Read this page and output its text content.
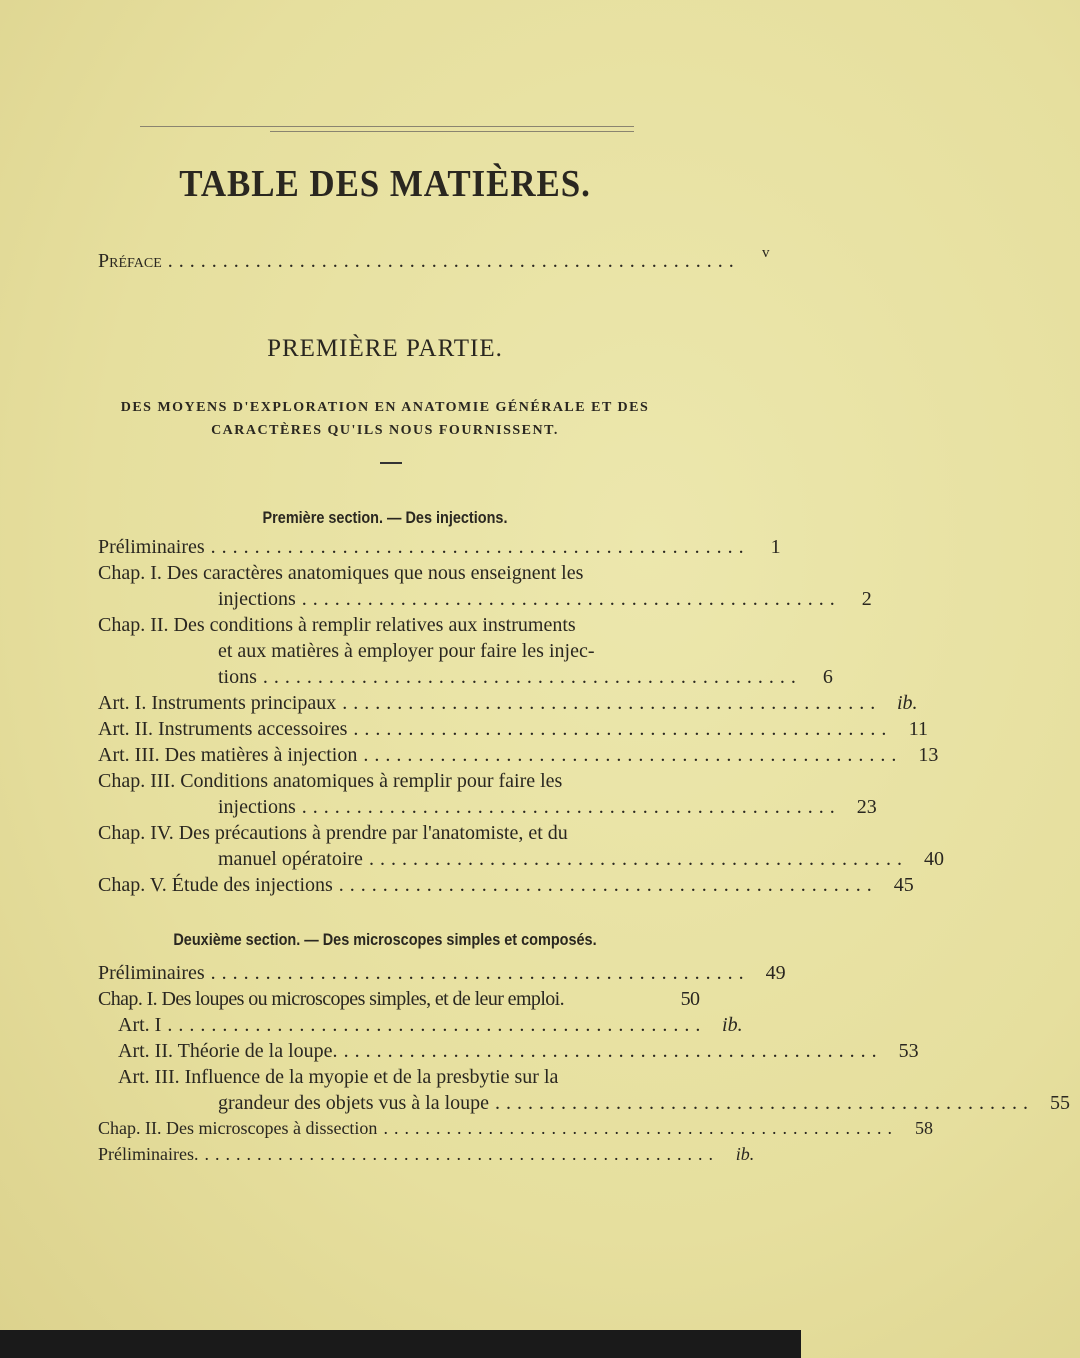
TABLE DES MATIÈRES.
Préface ....................................................	v
PREMIÈRE PARTIE.
DES MOYENS D'EXPLORATION EN ANATOMIE GÉNÉRALE ET DES
CARACTÈRES QU'ILS NOUS FOURNISSENT.
Première section. — Des injections.
Préliminaires .................................................	1
Chap. I. Des caractères anatomiques que nous enseignent les
injections .................................................	2
Chap. II. Des conditions à remplir relatives aux instruments
et aux matières à employer pour faire les injec-
tions .................................................	6
Art. I. Instruments principaux ................................................. ib.
Art. II. Instruments accessoires ................................................. 11
Art. III. Des matières à injection ................................................. 13
Chap. III. Conditions anatomiques à remplir pour faire les
injections ................................................. 23
Chap. IV. Des précautions à prendre par l'anatomiste, et du
manuel opératoire ................................................. 40
Chap. V. Étude des injections ................................................. 45
Deuxième section. — Des microscopes simples et composés.
Préliminaires ................................................. 49
Chap. I. Des loupes ou microscopes simples, et de leur emploi.	50
Art. I ................................................. ib.
Art. II. Théorie de la loupe. ................................................. 53
Art. III. Influence de la myopie et de la presbytie sur la
grandeur des objets vus à la loupe ................................................. 55
Chap. II. Des microscopes à dissection ................................................. 58
Préliminaires. ................................................. ib.
